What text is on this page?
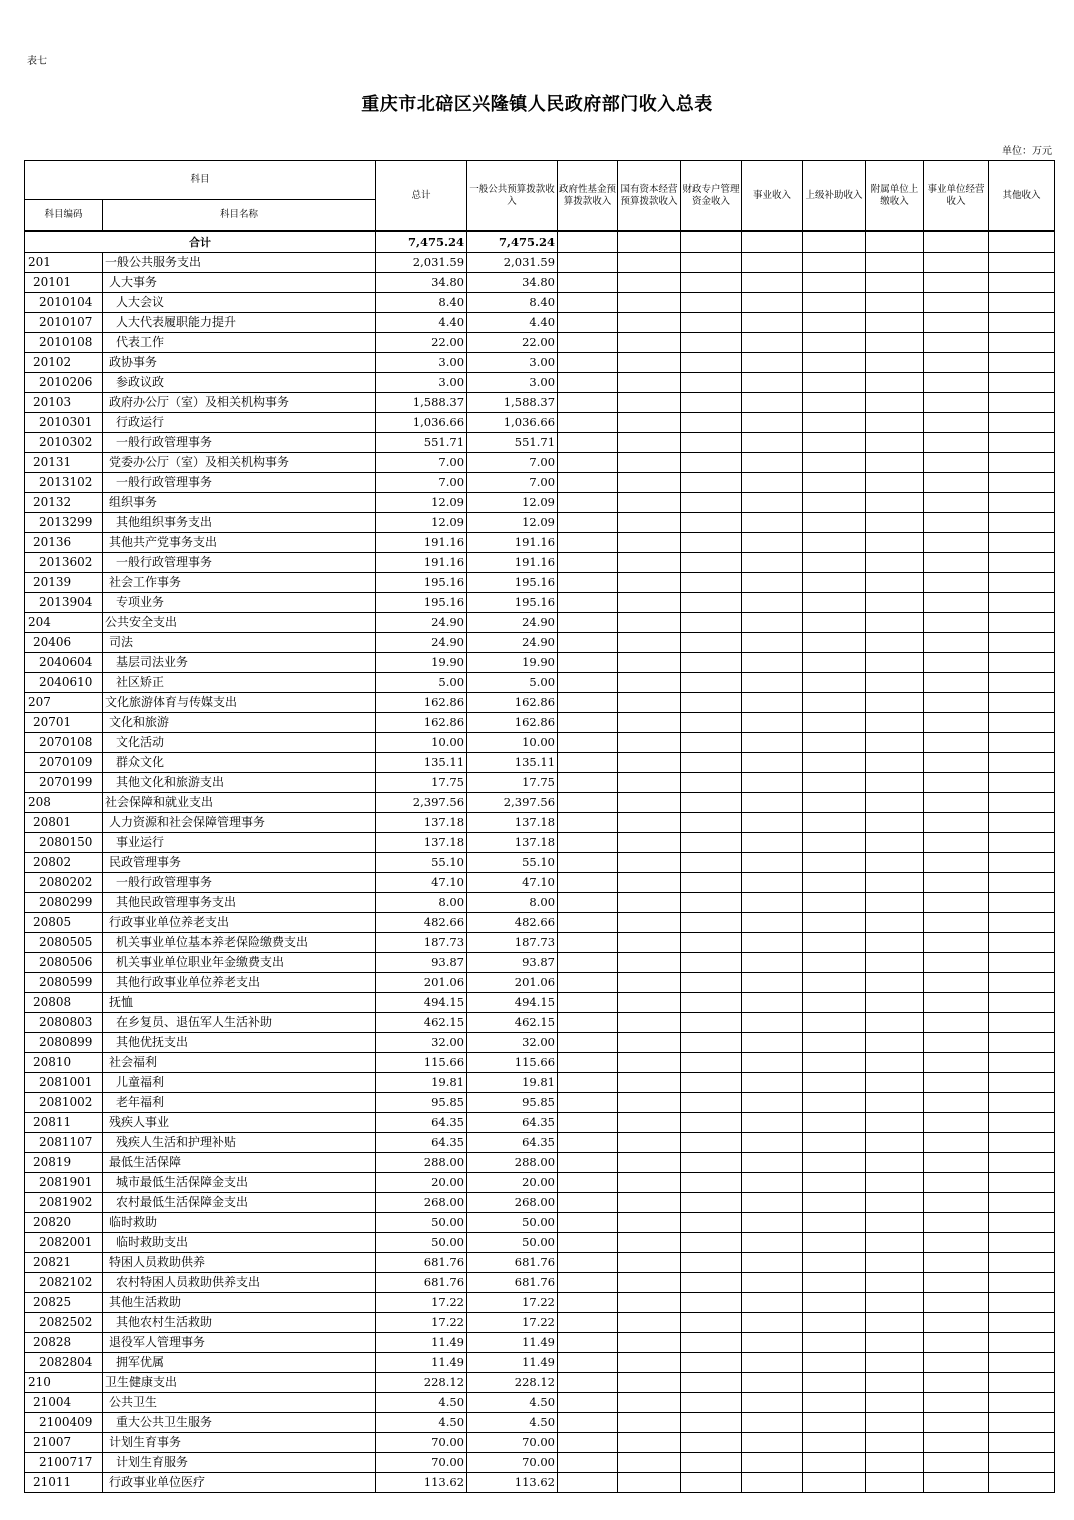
表七
重庆市北碚区兴隆镇人民政府部门收入总表
单位：万元
科目		总计	一般公共预算拨款收入	政府性基金预算拨款收入	国有资本经营预算拨款收入	财政专户管理资金收入	事业收入	上级补助收入	附属单位上缴收入	事业单位经营收入	其他收入
科目编码	科目名称										
合计		7,475.24	7,475.24								
201	一般公共服务支出	2,031.59	2,031.59								
20101	人大事务	34.80	34.80								
2010104	人大会议	8.40	8.40								
2010107	人大代表履职能力提升	4.40	4.40								
2010108	代表工作	22.00	22.00								
20102	政协事务	3.00	3.00								
2010206	参政议政	3.00	3.00								
20103	政府办公厅（室）及相关机构事务	1,588.37	1,588.37								
2010301	行政运行	1,036.66	1,036.66								
2010302	一般行政管理事务	551.71	551.71								
20131	党委办公厅（室）及相关机构事务	7.00	7.00								
2013102	一般行政管理事务	7.00	7.00								
20132	组织事务	12.09	12.09								
2013299	其他组织事务支出	12.09	12.09								
20136	其他共产党事务支出	191.16	191.16								
2013602	一般行政管理事务	191.16	191.16								
20139	社会工作事务	195.16	195.16								
2013904	专项业务	195.16	195.16								
204	公共安全支出	24.90	24.90								
20406	司法	24.90	24.90								
2040604	基层司法业务	19.90	19.90								
2040610	社区矫正	5.00	5.00								
207	文化旅游体育与传媒支出	162.86	162.86								
20701	文化和旅游	162.86	162.86								
2070108	文化活动	10.00	10.00								
2070109	群众文化	135.11	135.11								
2070199	其他文化和旅游支出	17.75	17.75								
208	社会保障和就业支出	2,397.56	2,397.56								
20801	人力资源和社会保障管理事务	137.18	137.18								
2080150	事业运行	137.18	137.18								
20802	民政管理事务	55.10	55.10								
2080202	一般行政管理事务	47.10	47.10								
2080299	其他民政管理事务支出	8.00	8.00								
20805	行政事业单位养老支出	482.66	482.66								
2080505	机关事业单位基本养老保险缴费支出	187.73	187.73								
2080506	机关事业单位职业年金缴费支出	93.87	93.87								
2080599	其他行政事业单位养老支出	201.06	201.06								
20808	抚恤	494.15	494.15								
2080803	在乡复员、退伍军人生活补助	462.15	462.15								
2080899	其他优抚支出	32.00	32.00								
20810	社会福利	115.66	115.66								
2081001	儿童福利	19.81	19.81								
2081002	老年福利	95.85	95.85								
20811	残疾人事业	64.35	64.35								
2081107	残疾人生活和护理补贴	64.35	64.35								
20819	最低生活保障	288.00	288.00								
2081901	城市最低生活保障金支出	20.00	20.00								
2081902	农村最低生活保障金支出	268.00	268.00								
20820	临时救助	50.00	50.00								
2082001	临时救助支出	50.00	50.00								
20821	特困人员救助供养	681.76	681.76								
2082102	农村特困人员救助供养支出	681.76	681.76								
20825	其他生活救助	17.22	17.22								
2082502	其他农村生活救助	17.22	17.22								
20828	退役军人管理事务	11.49	11.49								
2082804	拥军优属	11.49	11.49								
210	卫生健康支出	228.12	228.12								
21004	公共卫生	4.50	4.50								
2100409	重大公共卫生服务	4.50	4.50								
21007	计划生育事务	70.00	70.00								
2100717	计划生育服务	70.00	70.00								
21011	行政事业单位医疗	113.62	113.62								
